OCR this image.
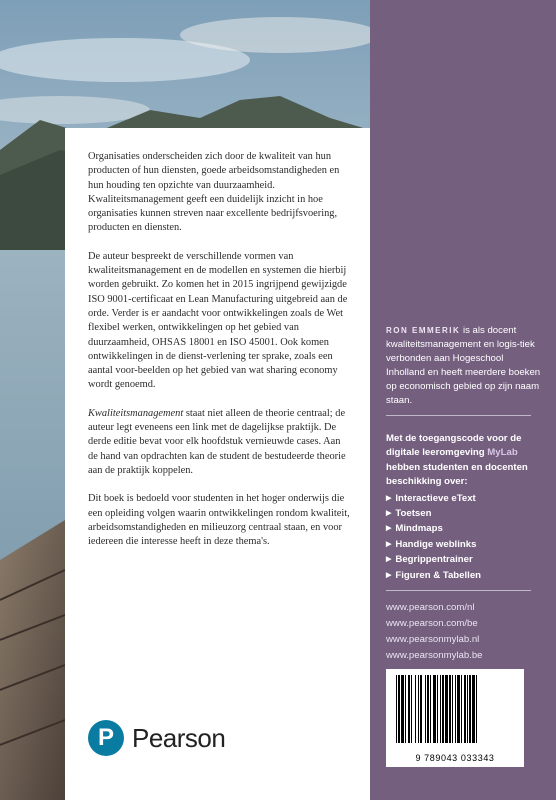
Organisaties onderscheiden zich door de kwaliteit van hun producten of hun diensten, goede arbeidsomstandigheden en hun houding ten opzichte van duurzaamheid. Kwaliteitsmanagement geeft een duidelijk inzicht in hoe organisaties kunnen streven naar excellente bedrijfsvoering, producten en diensten.

De auteur bespreekt de verschillende vormen van kwaliteitsmanagement en de modellen en systemen die hierbij worden gebruikt. Zo komen het in 2015 ingrijpend gewijzigde ISO 9001-certificaat en Lean Manufacturing uitgebreid aan de orde. Verder is er aandacht voor ontwikkelingen zoals de Wet flexibel werken, ontwikkelingen op het gebied van duurzaamheid, OHSAS 18001 en ISO 45001. Ook komen ontwikkelingen in de dienst-verlening ter sprake, zoals een aantal voor-beelden op het gebied van wat sharing economy wordt genoemd.

Kwaliteitsmanagement staat niet alleen de theorie centraal; de auteur legt eveneens een link met de dagelijkse praktijk. De derde editie bevat voor elk hoofdstuk vernieuwde cases. Aan de hand van opdrachten kan de student de bestudeerde theorie aan de praktijk koppelen.

Dit boek is bedoeld voor studenten in het hoger onderwijs die een opleiding volgen waarin ontwikkelingen rondom kwaliteit, arbeidsomstandigheden en milieuzorg centraal staan, en voor iedereen die interesse heeft in deze thema's.

P Pearson
RON EMMERIK is als docent kwaliteitsmanagement en logis-tiek verbonden aan Hogeschool Inholland en heeft meerdere boeken op economisch gebied op zijn naam staan.
Met de toegangscode voor de digitale leeromgeving MyLab hebben studenten en docenten beschikking over:
▶ Interactieve eText
▶ Toetsen
▶ Mindmaps
▶ Handige weblinks
▶ Begrippentrainer
▶ Figuren & Tabellen
www.pearson.com/nl
www.pearson.com/be
www.pearsonmylab.nl
www.pearsonmylab.be
9 789043 033343
